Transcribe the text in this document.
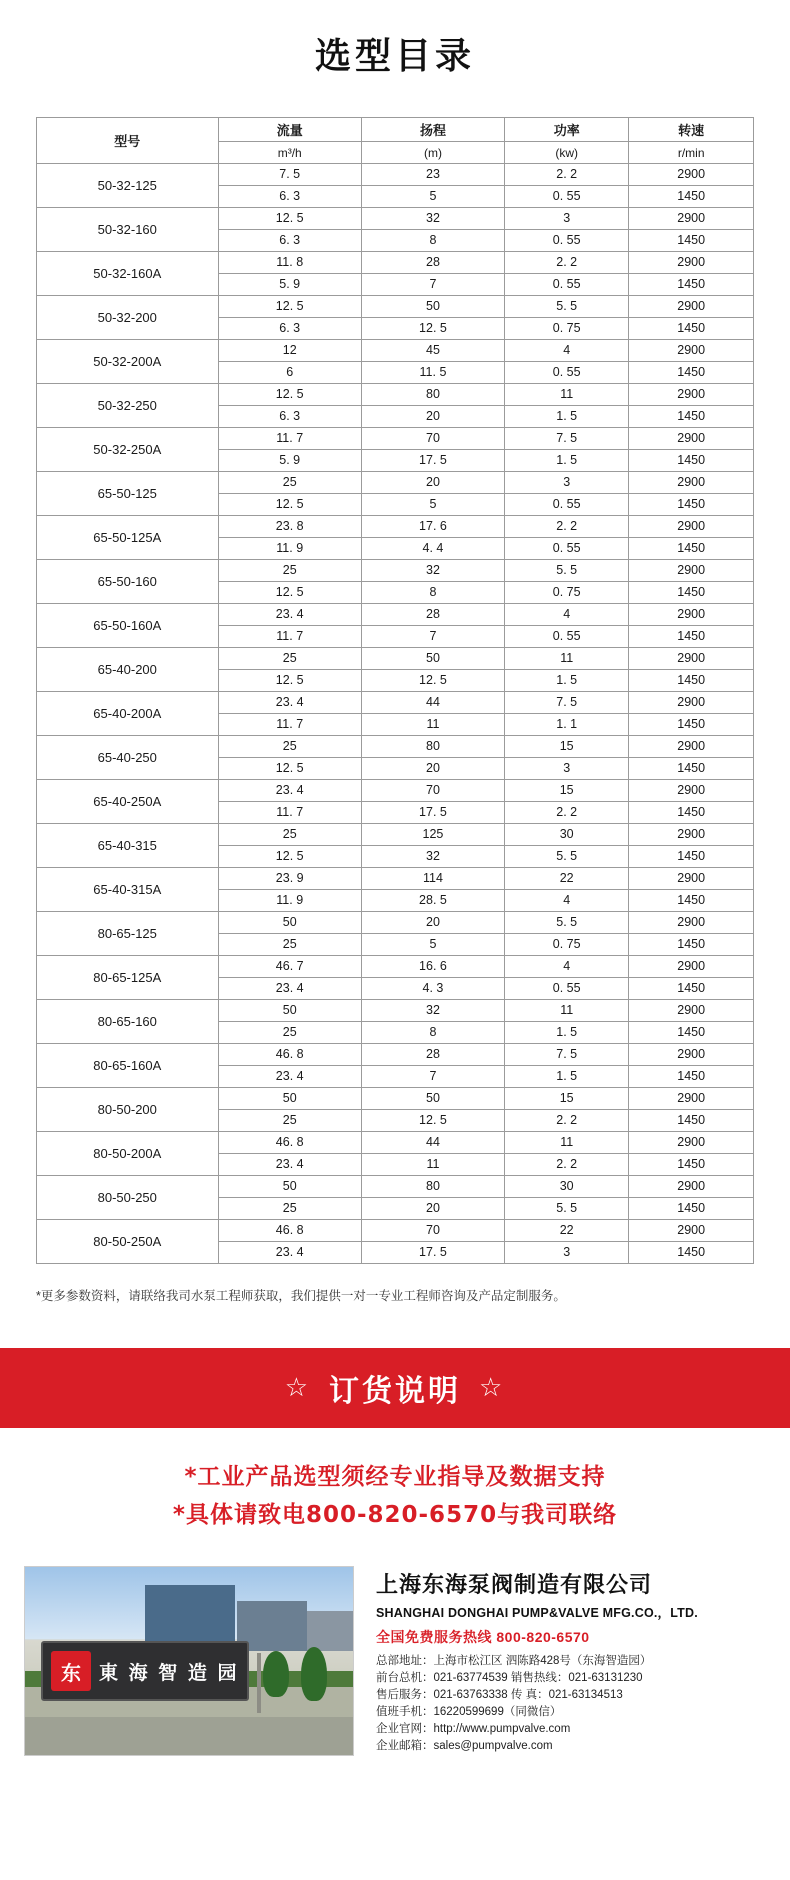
选型目录
型号	流量	扬程	功率	转速
	m³/h	(m)	(kw)	r/min
50-32-125	7. 5	23	2. 2	2900
	6. 3	5	0. 55	1450
50-32-160	12. 5	32	3	2900
	6. 3	8	0. 55	1450
50-32-160A	11. 8	28	2. 2	2900
	5. 9	7	0. 55	1450
50-32-200	12. 5	50	5. 5	2900
	6. 3	12. 5	0. 75	1450
50-32-200A	12	45	4	2900
	6	11. 5	0. 55	1450
50-32-250	12. 5	80	11	2900
	6. 3	20	1. 5	1450
50-32-250A	11. 7	70	7. 5	2900
	5. 9	17. 5	1. 5	1450
65-50-125	25	20	3	2900
	12. 5	5	0. 55	1450
65-50-125A	23. 8	17. 6	2. 2	2900
	11. 9	4. 4	0. 55	1450
65-50-160	25	32	5. 5	2900
	12. 5	8	0. 75	1450
65-50-160A	23. 4	28	4	2900
	11. 7	7	0. 55	1450
65-40-200	25	50	11	2900
	12. 5	12. 5	1. 5	1450
65-40-200A	23. 4	44	7. 5	2900
	11. 7	11	1. 1	1450
65-40-250	25	80	15	2900
	12. 5	20	3	1450
65-40-250A	23. 4	70	15	2900
	11. 7	17. 5	2. 2	1450
65-40-315	25	125	30	2900
	12. 5	32	5. 5	1450
65-40-315A	23. 9	114	22	2900
	11. 9	28. 5	4	1450
80-65-125	50	20	5. 5	2900
	25	5	0. 75	1450
80-65-125A	46. 7	16. 6	4	2900
	23. 4	4. 3	0. 55	1450
80-65-160	50	32	11	2900
	25	8	1. 5	1450
80-65-160A	46. 8	28	7. 5	2900
	23. 4	7	1. 5	1450
80-50-200	50	50	15	2900
	25	12. 5	2. 2	1450
80-50-200A	46. 8	44	11	2900
	23. 4	11	2. 2	1450
80-50-250	50	80	30	2900
	25	20	5. 5	1450
80-50-250A	46. 8	70	22	2900
	23. 4	17. 5	3	1450
*更多参数资料，请联络我司水泵工程师获取，我们提供一对一专业工程师咨询及产品定制服务。
☆ 订货说明 ☆
*工业产品选型须经专业指导及数据支持
*具体请致电800-820-6570与我司联络
东 東 海 智 造 园
上海东海泵阀制造有限公司
SHANGHAI DONGHAI PUMP&VALVE MFG.CO.，LTD.
全国免费服务热线 800-820-6570
总部地址：上海市松江区 泗陈路428号（东海智造园）
前台总机：021-63774539 销售热线：021-63131230
售后服务：021-63763338 传 真：021-63134513
值班手机：16220599699（同微信）
企业官网：http://www.pumpvalve.com
企业邮箱：sales@pumpvalve.com
